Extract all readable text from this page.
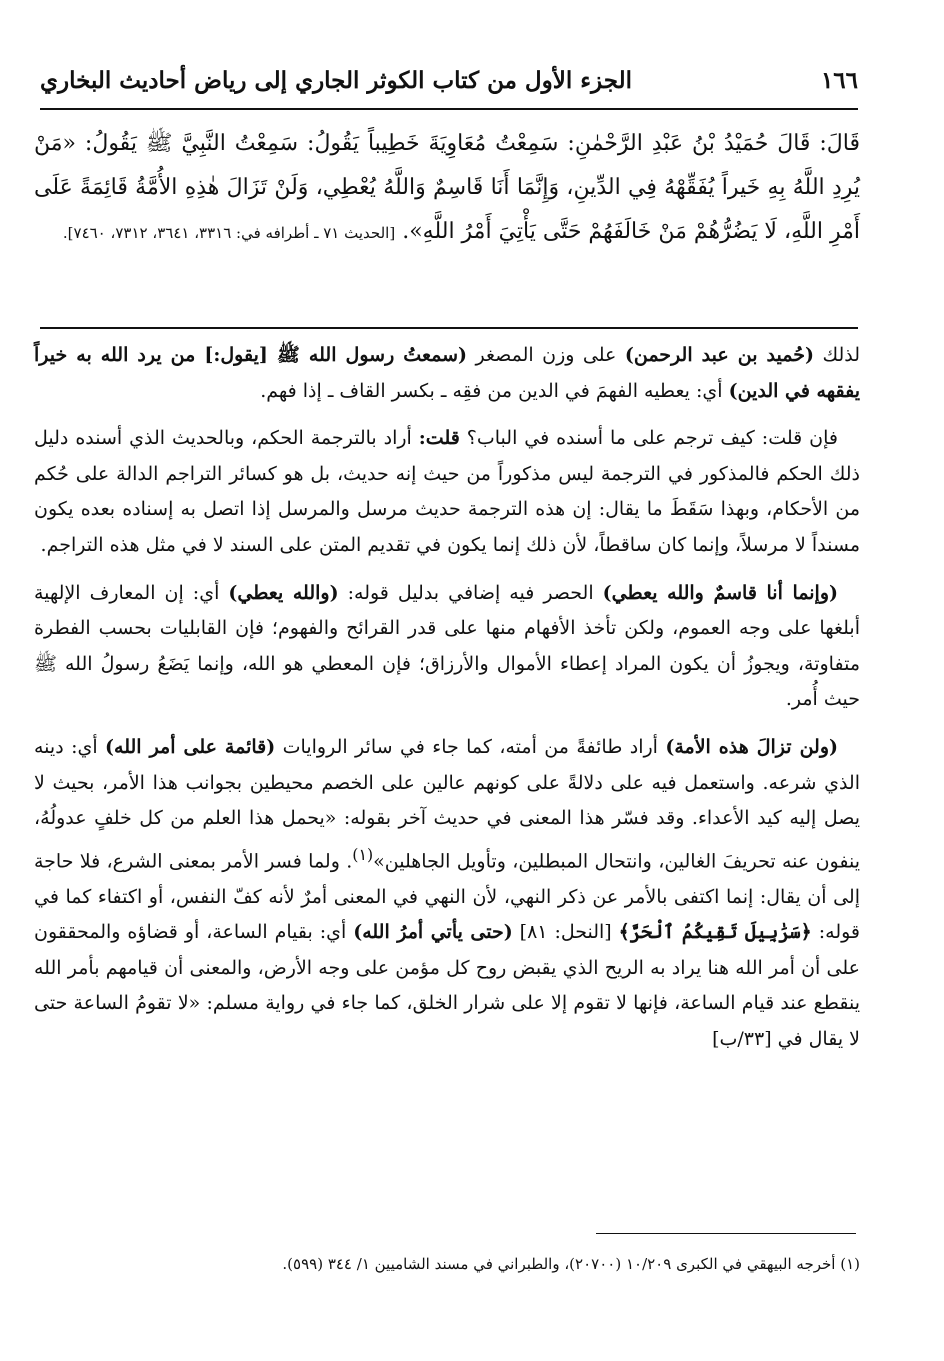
١٦٦
الجزء الأول من كتاب الكوثر الجاري إلى رياض أحاديث البخاري
قَالَ: قَالَ حُمَيْدُ بْنُ عَبْدِ الرَّحْمٰنِ: سَمِعْتُ مُعَاوِيَةَ خَطِيباً يَقُولُ: سَمِعْتُ النَّبِيَّ ﷺ يَقُولُ: «مَنْ يُرِدِ اللَّهُ بِهِ خَيراً يُفَقِّهْهُ فِي الدِّينِ، وَإِنَّمَا أَنَا قَاسِمٌ وَاللَّهُ يُعْطِي، وَلَنْ تَزَالَ هٰذِهِ الأُمَّةُ قَائِمَةً عَلَى أَمْرِ اللَّهِ، لَا يَضُرُّهُمْ مَنْ خَالَفَهُمْ حَتَّى يَأْتِيَ أَمْرُ اللَّهِ». [الحديث ٧١ ـ أطرافه في: ٣٣١٦، ٣٦٤١، ٧٣١٢، ٧٤٦٠].

لذلك (حُميد بن عبد الرحمن) على وزن المصغر (سمعتُ رسول الله ﷺ [يقول:] من يرد الله به خيراً يفقهه في الدين) أي: يعطيه الفهمَ في الدين من فقِه ـ بكسر القاف ـ إذا فهم.

فإن قلت: كيف ترجم على ما أسنده في الباب؟ قلت: أراد بالترجمة الحكم، وبالحديث الذي أسنده دليل ذلك الحكم فالمذكور في الترجمة ليس مذكوراً من حيث إنه حديث، بل هو كسائر التراجم الدالة على حُكم من الأحكام، وبهذا سَقَطَ ما يقال: إن هذه الترجمة حديث مرسل والمرسل إذا اتصل به إسناده بعده يكون مسنداً لا مرسلاً، وإنما كان ساقطاً، لأن ذلك إنما يكون في تقديم المتن على السند لا في مثل هذه التراجم.

(وإنما أنا قاسمٌ والله يعطي) الحصر فيه إضافي بدليل قوله: (والله يعطي) أي: إن المعارف الإلهية أبلغها على وجه العموم، ولكن تأخذ الأفهام منها على قدر القرائح والفهوم؛ فإن القابليات بحسب الفطرة متفاوتة، ويجوزُ أن يكون المراد إعطاء الأموال والأرزاق؛ فإن المعطي هو الله، وإنما يَضَعُ رسولُ الله ﷺ حيث أُمر.

(ولن تزالَ هذه الأمة) أراد طائفةً من أمته، كما جاء في سائر الروايات (قائمة على أمر الله) أي: دينه الذي شرعه. واستعمل فيه على دلالةً على كونهم عالين على الخصم محيطين بجوانب هذا الأمر، بحيث لا يصل إليه كيد الأعداء. وقد فسّر هذا المعنى في حديث آخر بقوله: «يحمل هذا العلم من كل خلفٍ عدولُهُ، ينفون عنه تحريفَ الغالين، وانتحال المبطلين، وتأويل الجاهلين»$^{(١)}$. ولما فسر الأمر بمعنى الشرع، فلا حاجة إلى أن يقال: إنما اكتفى بالأمر عن ذكر النهي، لأن النهي في المعنى أمرٌ لأنه كفّ النفس، أو اكتفاء كما في قوله: ﴿سَرَٰبِيلَ تَقِيكُمُ ٱلْحَرَّ﴾ [النحل: ٨١] (حتى يأتي أمرُ الله) أي: بقيام الساعة، أو قضاؤه والمحققون على أن أمر الله هنا يراد به الريح الذي يقبض روح كل مؤمن على وجه الأرض، والمعنى أن قيامهم بأمر الله ينقطع عند قيام الساعة، فإنها لا تقوم إلا على شرار الخلق، كما جاء في رواية مسلم: «لا تقومُ الساعة حتى لا يقال في [٣٣/ب]

(١) أخرجه البيهقي في الكبرى ١٠/٢٠٩ (٢٠٧٠٠)، والطبراني في مسند الشاميين ١/ ٣٤٤ (٥٩٩).
